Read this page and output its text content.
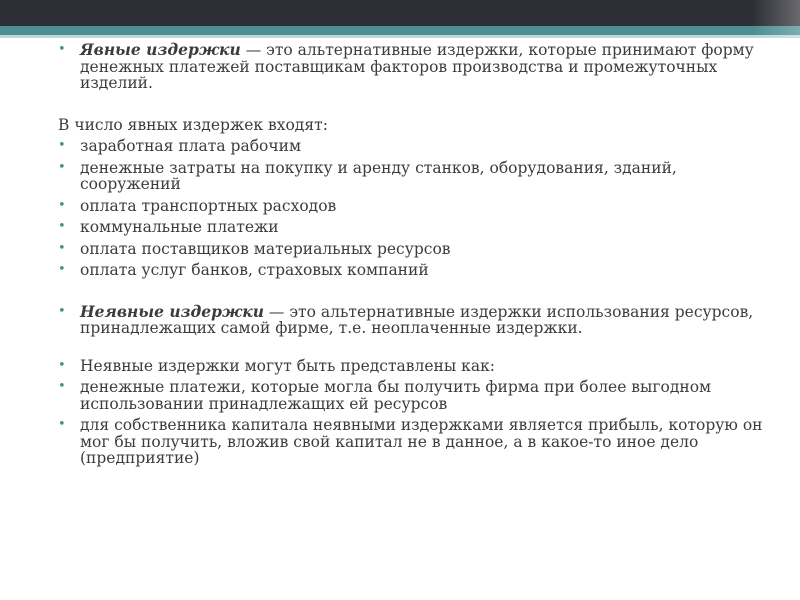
• Явные издержки — это альтернативные издержки, которые принимают форму денежных платежей поставщикам факторов производства и промежуточных изделий.

В число явных издержек входят:

• заработная плата рабочим
• денежные затраты на покупку и аренду станков, оборудования, зданий, сооружений
• оплата транспортных расходов
• коммунальные платежи
• оплата поставщиков материальных ресурсов
• оплата услуг банков, страховых компаний
• Неявные издержки — это альтернативные издержки использования ресурсов, принадлежащих самой фирме, т.е. неоплаченные издержки.
• Неявные издержки могут быть представлены как:
• денежные платежи, которые могла бы получить фирма при более выгодном использовании принадлежащих ей ресурсов
• для собственника капитала неявными издержками является прибыль, которую он мог бы получить, вложив свой капитал не в данное, а в какое-то иное дело (предприятие)
